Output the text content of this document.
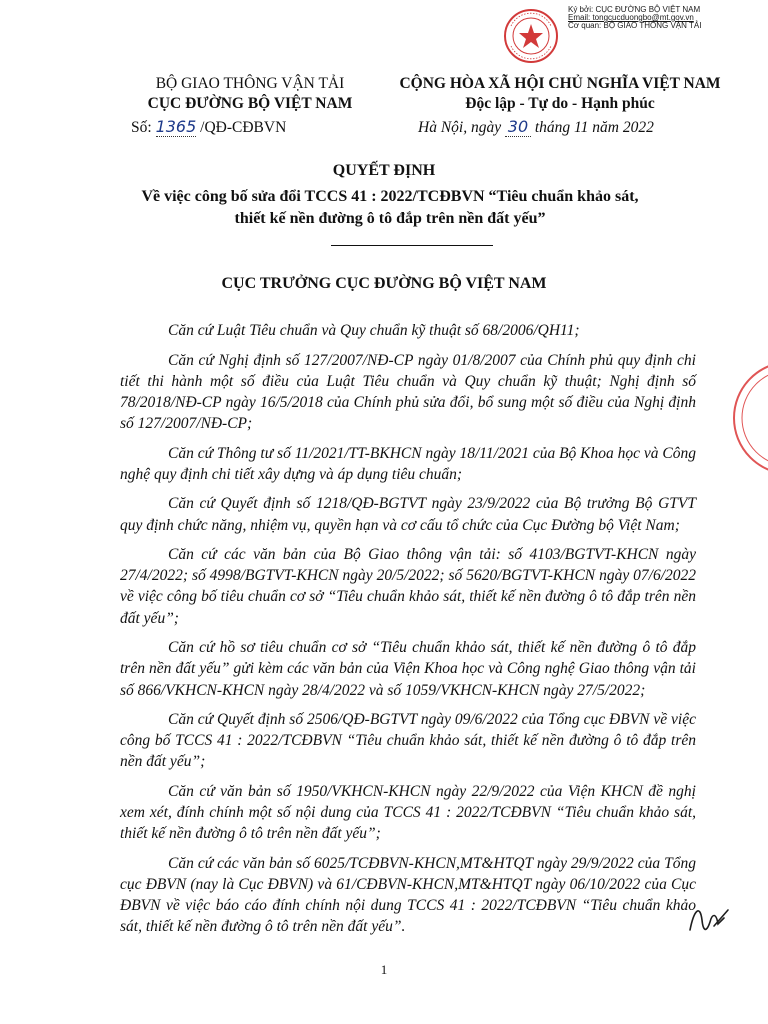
Ký bởi: CỤC ĐƯỜNG BỘ VIỆT NAM
Email: tongcucduongbo@mt.gov.vn
Cơ quan: BỘ GIAO THÔNG VẬN TẢI
BỘ GIAO THÔNG VẬN TẢI
CỤC ĐƯỜNG BỘ VIỆT NAM
Số: 1365 /QĐ-CĐBVN
CỘNG HÒA XÃ HỘI CHỦ NGHĨA VIỆT NAM
Độc lập - Tự do - Hạnh phúc
Hà Nội, ngày 30 tháng 11 năm 2022
QUYẾT ĐỊNH
Về việc công bố sửa đổi TCCS 41 : 2022/TCĐBVN “Tiêu chuẩn khảo sát,
thiết kế nền đường ô tô đắp trên nền đất yếu”
CỤC TRƯỞNG CỤC ĐƯỜNG BỘ VIỆT NAM

Căn cứ Luật Tiêu chuẩn và Quy chuẩn kỹ thuật số 68/2006/QH11;

Căn cứ Nghị định số 127/2007/NĐ-CP ngày 01/8/2007 của Chính phủ quy định chi tiết thi hành một số điều của Luật Tiêu chuẩn và Quy chuẩn kỹ thuật; Nghị định số 78/2018/NĐ-CP ngày 16/5/2018 của Chính phủ sửa đổi, bổ sung một số điều của Nghị định số 127/2007/NĐ-CP;

Căn cứ Thông tư số 11/2021/TT-BKHCN ngày 18/11/2021 của Bộ Khoa học và Công nghệ quy định chi tiết xây dựng và áp dụng tiêu chuẩn;

Căn cứ Quyết định số 1218/QĐ-BGTVT ngày 23/9/2022 của Bộ trưởng Bộ GTVT quy định chức năng, nhiệm vụ, quyền hạn và cơ cấu tổ chức của Cục Đường bộ Việt Nam;

Căn cứ các văn bản của Bộ Giao thông vận tải: số 4103/BGTVT-KHCN ngày 27/4/2022; số 4998/BGTVT-KHCN ngày 20/5/2022; số 5620/BGTVT-KHCN ngày 07/6/2022 về việc công bố tiêu chuẩn cơ sở “Tiêu chuẩn khảo sát, thiết kế nền đường ô tô đắp trên nền đất yếu”;

Căn cứ hồ sơ tiêu chuẩn cơ sở “Tiêu chuẩn khảo sát, thiết kế nền đường ô tô đắp trên nền đất yếu” gửi kèm các văn bản của Viện Khoa học và Công nghệ Giao thông vận tải số 866/VKHCN-KHCN ngày 28/4/2022 và số 1059/VKHCN-KHCN ngày 27/5/2022;

Căn cứ Quyết định số 2506/QĐ-BGTVT ngày 09/6/2022 của Tổng cục ĐBVN về việc công bố TCCS 41 : 2022/TCĐBVN “Tiêu chuẩn khảo sát, thiết kế nền đường ô tô đắp trên nền đất yếu”;

Căn cứ văn bản số 1950/VKHCN-KHCN ngày 22/9/2022 của Viện KHCN đề nghị xem xét, đính chính một số nội dung của TCCS 41 : 2022/TCĐBVN “Tiêu chuẩn khảo sát, thiết kế nền đường ô tô trên nền đất yếu”;

Căn cứ các văn bản số 6025/TCĐBVN-KHCN,MT&HTQT ngày 29/9/2022 của Tổng cục ĐBVN (nay là Cục ĐBVN) và 61/CĐBVN-KHCN,MT&HTQT ngày 06/10/2022 của Cục ĐBVN về việc báo cáo đính chính nội dung TCCS 41 : 2022/TCĐBVN “Tiêu chuẩn khảo sát, thiết kế nền đường ô tô trên nền đất yếu”.

1
